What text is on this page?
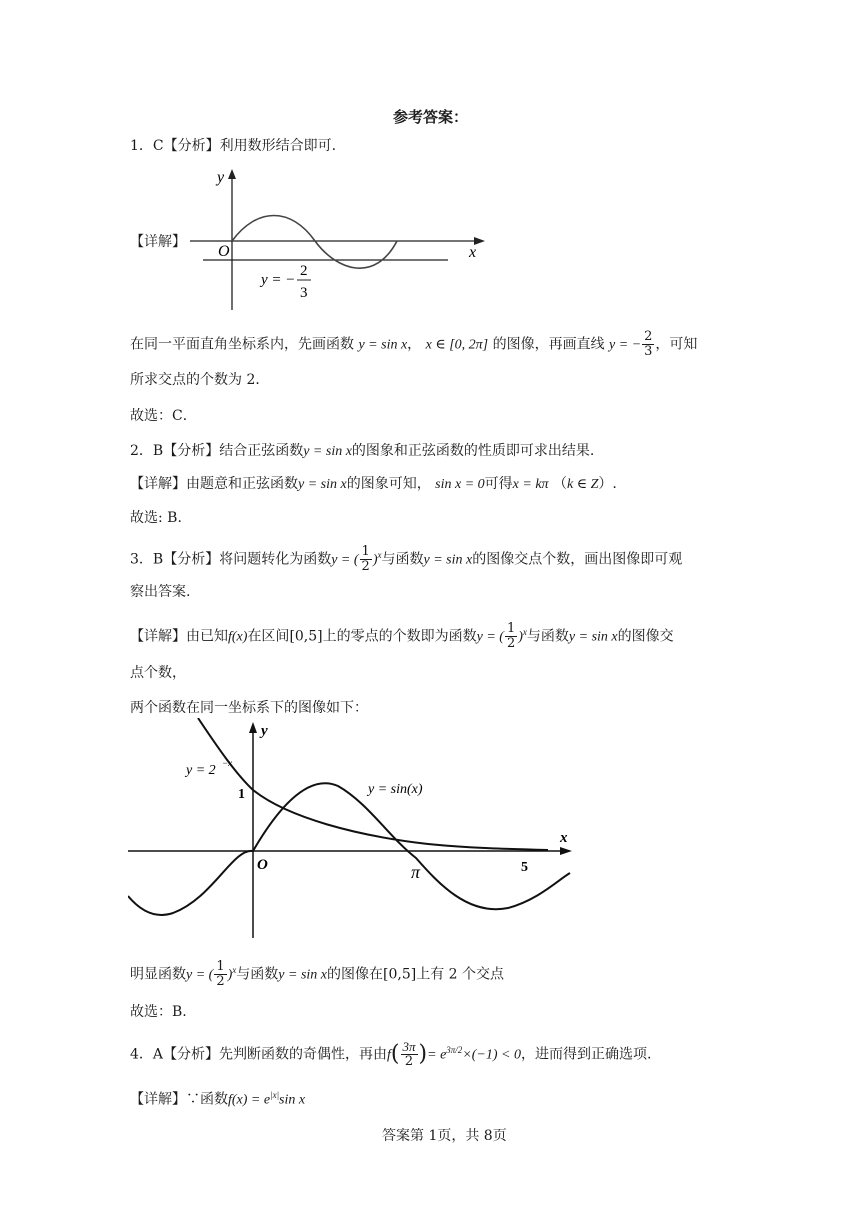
参考答案：
1．C【分析】利用数形结合即可.
【详解】
y
x
O
y = −
2
3
在同一平面直角坐标系内，先画函数 y = sin x， x ∈ [0, 2π] 的图像，再画直线 y = − $\frac{2}{3}$ ，可知
所求交点的个数为 2．
故选：C．
2．B【分析】结合正弦函数y = sin x的图象和正弦函数的性质即可求出结果.
【详解】由题意和正弦函数y = sin x的图象可知， sin x = 0可得x = kπ （k ∈ Z）.
故选: B.
3．B【分析】将问题转化为函数y = ( $\frac{1}{2} )^x$与函数y = sin x的图像交点个数，画出图像即可观
察出答案.
【详解】由已知f(x)在区间[0,5]上的零点的个数即为函数y = ( $\frac{1}{2} )^x$与函数y = sin x的图像交
点个数，
两个函数在同一坐标系下的图像如下：
y
x
O
1
π	5
y = 2 −x
y = sin(x)
明显函数y = ( $\frac{1}{2} )^x$与函数y = sin x的图像在[0,5]上有 2 个交点
故选：B.
4．A【分析】先判断函数的奇偶性，再由$f( \frac{3\pi}{2}$ )= $e^{3\pi/2}\times(-1) < 0$，进而得到正确选项.
【详解】∵函数$f(x) = e^{|x|}\sin$ x
答案第 1页，共 8页
